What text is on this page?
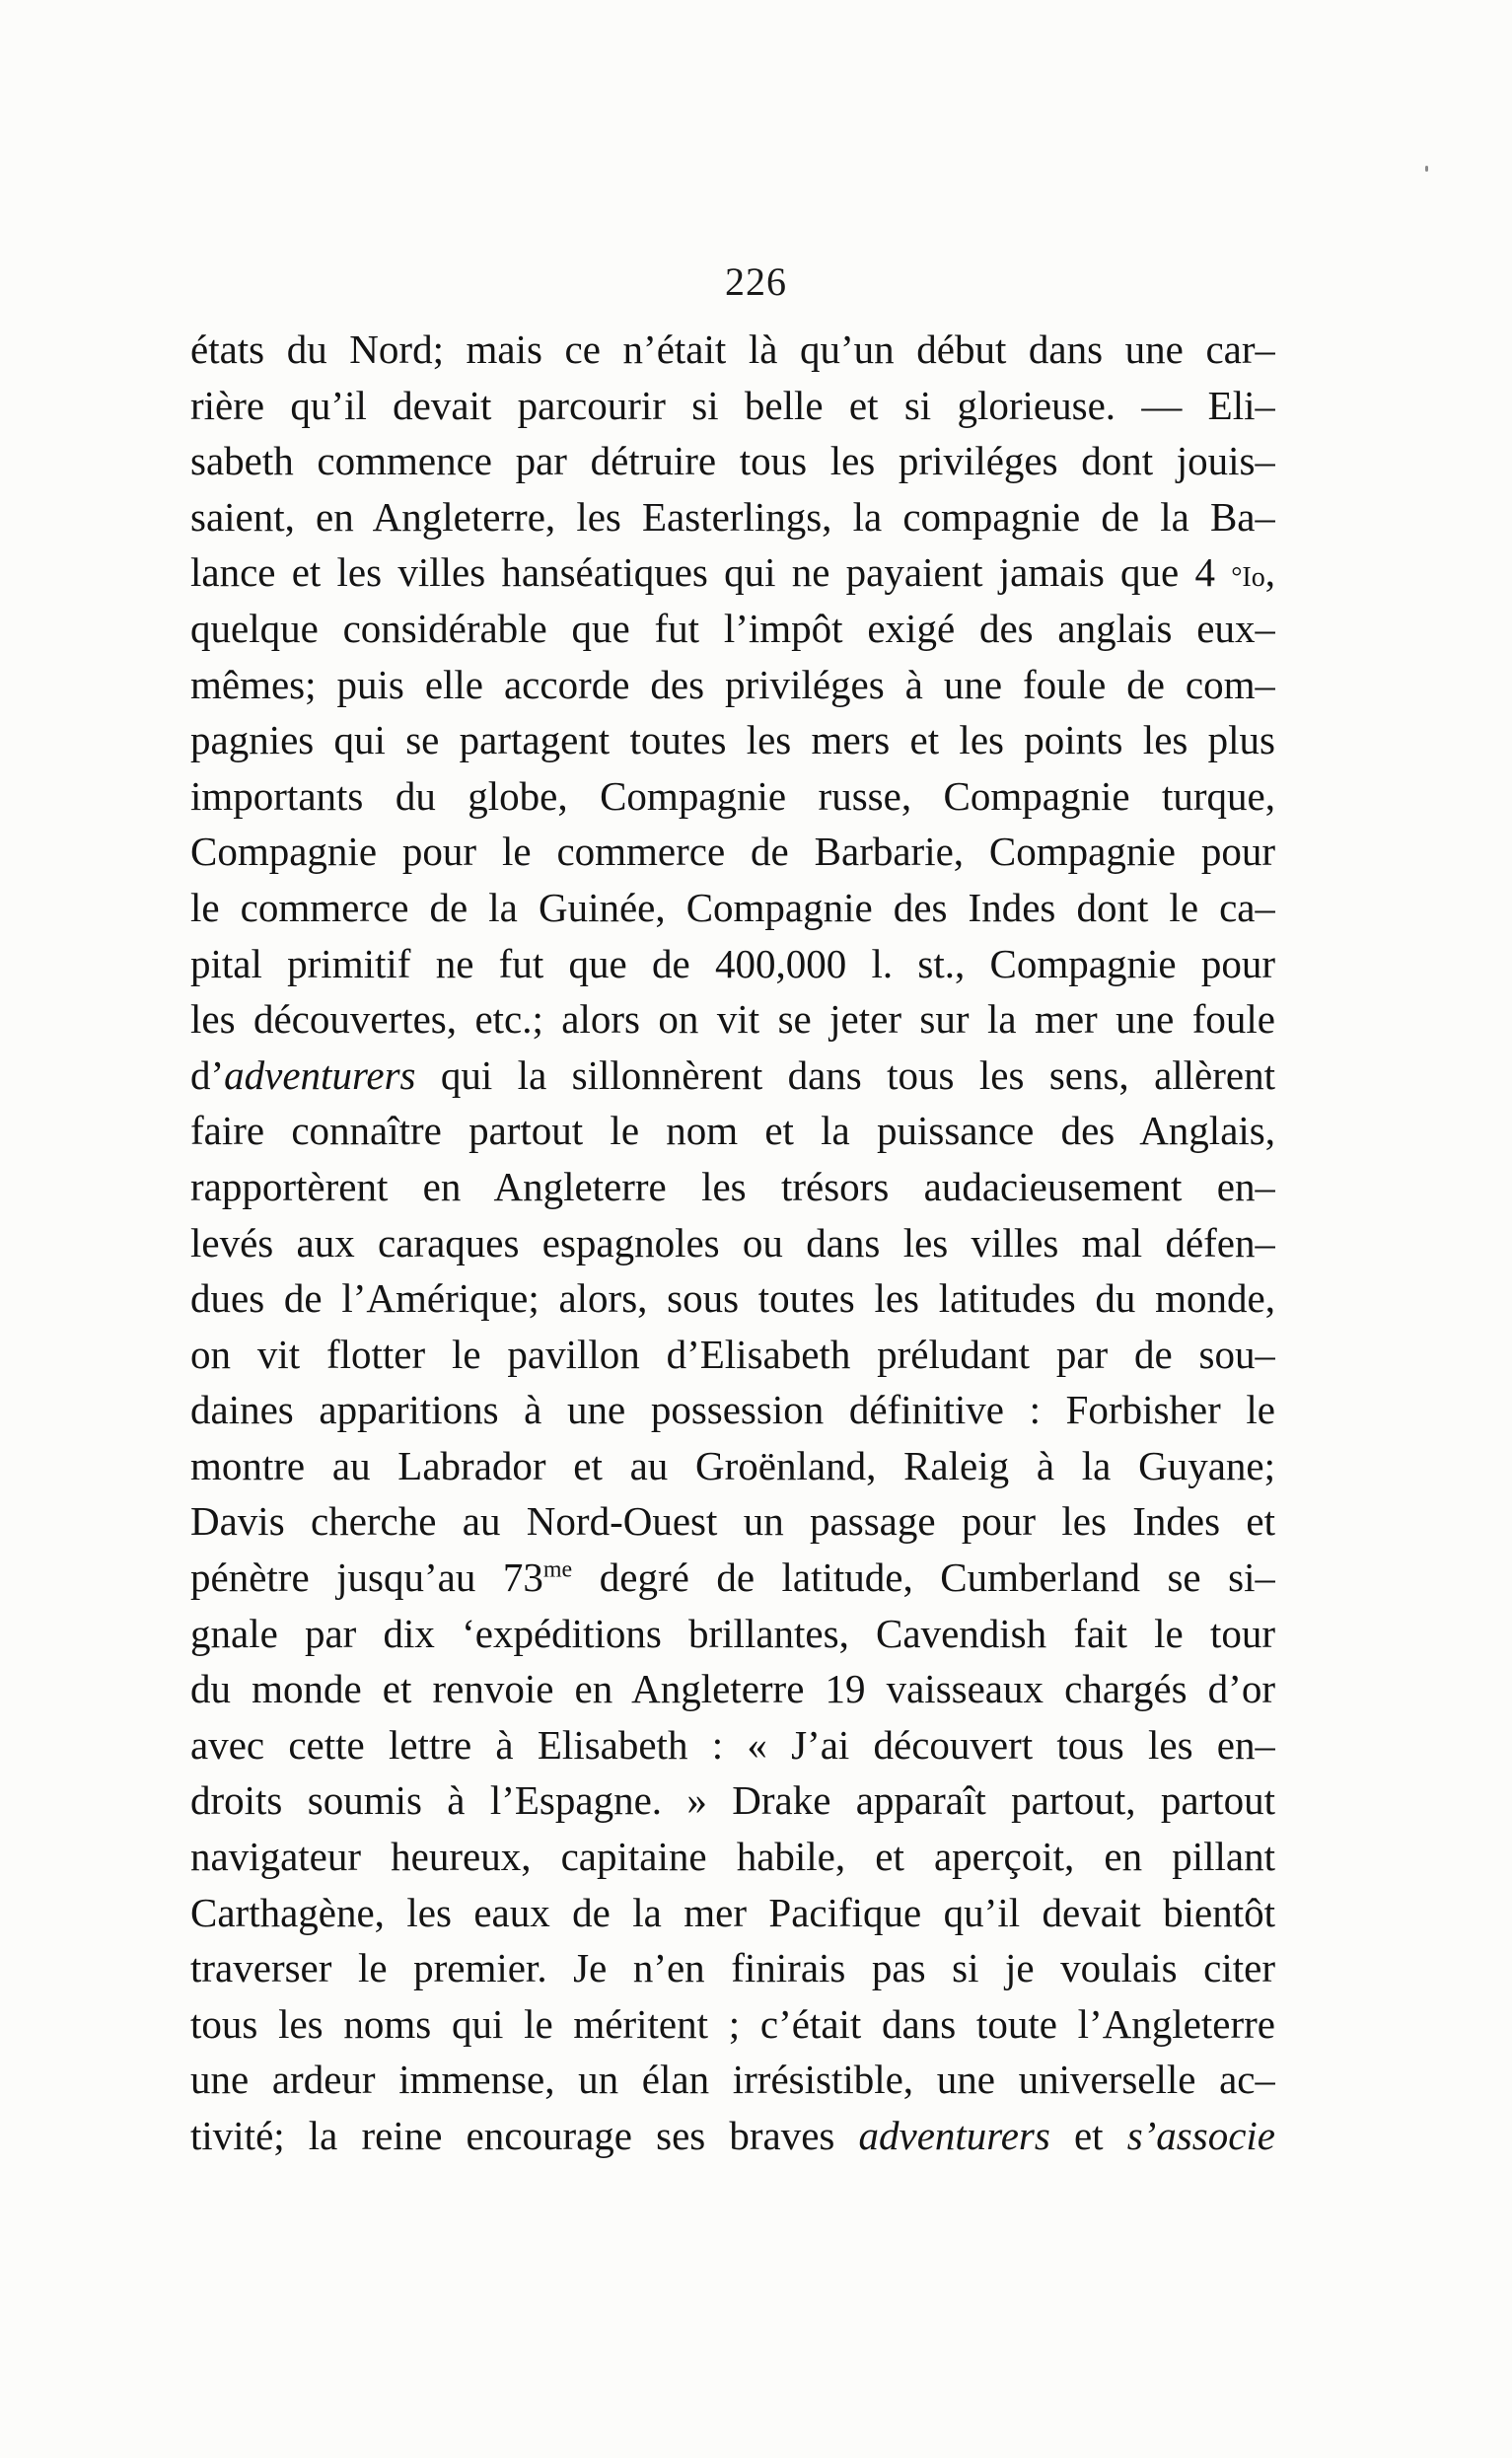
226
états du Nord; mais ce n’était là qu’un début dans une car–
rière qu’il devait parcourir si belle et si glorieuse. — Eli–
sabeth commence par détruire tous les priviléges dont jouis–
saient, en Angleterre, les Easterlings, la compagnie de la Ba–
lance et les villes hanséatiques qui ne payaient jamais que 4 °Io,
quelque considérable que fut l’impôt exigé des anglais eux–
mêmes; puis elle accorde des priviléges à une foule de com–
pagnies qui se partagent toutes les mers et les points les plus
importants du globe, Compagnie russe, Compagnie turque,
Compagnie pour le commerce de Barbarie, Compagnie pour
le commerce de la Guinée, Compagnie des Indes dont le ca–
pital primitif ne fut que de 400,000 l. st., Compagnie pour
les découvertes, etc.; alors on vit se jeter sur la mer une foule
d’adventurers qui la sillonnèrent dans tous les sens, allèrent
faire connaître partout le nom et la puissance des Anglais,
rapportèrent en Angleterre les trésors audacieusement en–
levés aux caraques espagnoles ou dans les villes mal défen–
dues de l’Amérique; alors, sous toutes les latitudes du monde,
on vit flotter le pavillon d’Elisabeth préludant par de sou–
daines apparitions à une possession définitive : Forbisher le
montre au Labrador et au Groënland, Raleig à la Guyane;
Davis cherche au Nord-Ouest un passage pour les Indes et
pénètre jusqu’au $73^{me}$ degré de latitude, Cumberland se si–
gnale par dix ‘expéditions brillantes, Cavendish fait le tour
du monde et renvoie en Angleterre 19 vaisseaux chargés d’or
avec cette lettre à Elisabeth : « J’ai découvert tous les en–
droits soumis à l’Espagne. » Drake apparaît partout, partout
navigateur heureux, capitaine habile, et aperçoit, en pillant
Carthagène, les eaux de la mer Pacifique qu’il devait bientôt
traverser le premier. Je n’en finirais pas si je voulais citer
tous les noms qui le méritent ; c’était dans toute l’Angleterre
une ardeur immense, un élan irrésistible, une universelle ac–
tivité; la reine encourage ses braves adventurers et s’associe
